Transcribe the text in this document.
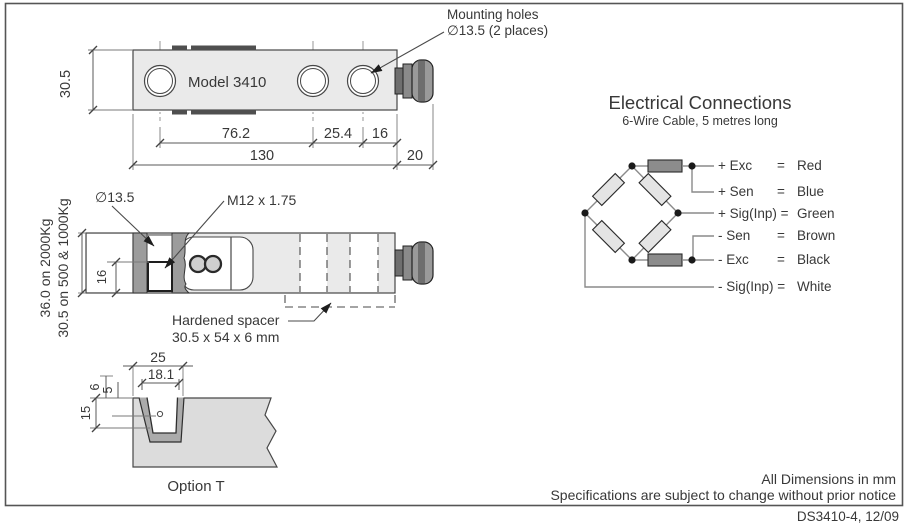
Model 3410
Mounting holes
∅13.5 (2 places)
30.5
76.2	25.4 16
130	20
∅13.5	M12 x 1.75
36.0 on 2000Kg 30.5 on 500 & 1000Kg 16
Hardened spacer
30.5 x 54 x 6 mm
25
18.1
6 5
15
Option T
Electrical Connections
6-Wire Cable, 5 metres long
+ Exc = Red
+ Sen = Blue
+ Sig(Inp) = Green
- Sen = Brown
- Exc = Black
- Sig(Inp) = White
All Dimensions in mm
Specifications are subject to change without prior notice
DS3410-4, 12/09
